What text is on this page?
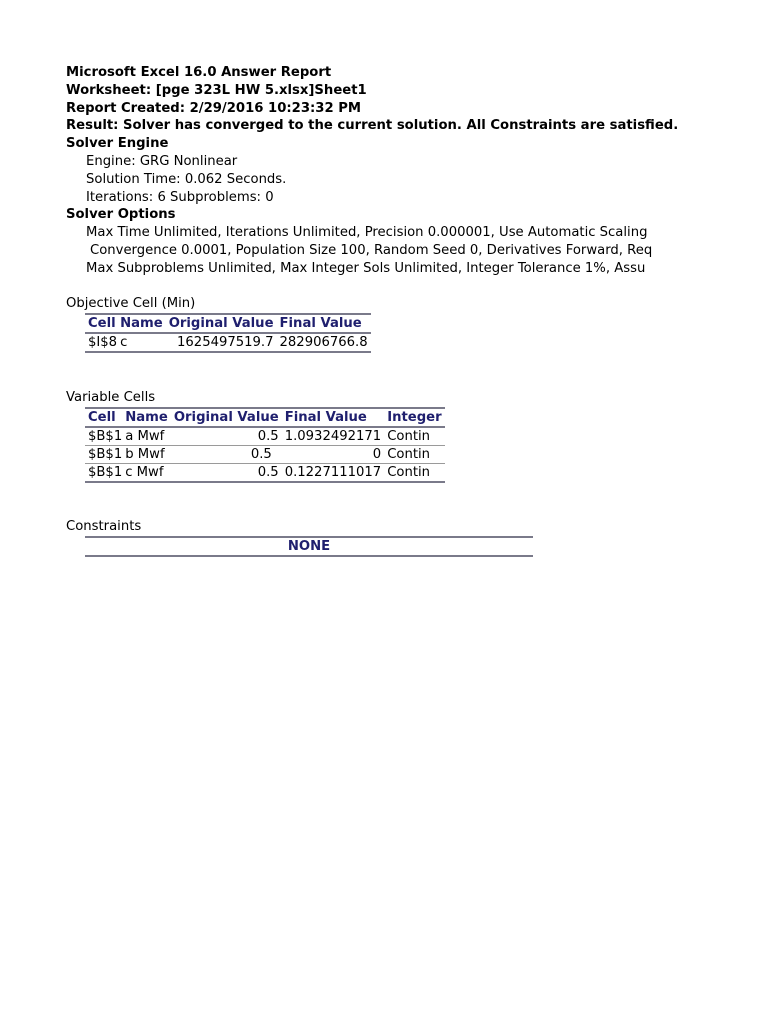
Microsoft Excel 16.0 Answer Report
Worksheet: [pge 323L HW 5.xlsx]Sheet1
Report Created: 2/29/2016 10:23:32 PM
Result: Solver has converged to the current solution. All Constraints are satisfied.
Solver Engine
Engine: GRG Nonlinear
Solution Time: 0.062 Seconds.
Iterations: 6 Subproblems: 0
Solver Options
Max Time Unlimited, Iterations Unlimited, Precision 0.000001, Use Automatic Scaling
Convergence 0.0001, Population Size 100, Random Seed 0, Derivatives Forward, Req
Max Subproblems Unlimited, Max Integer Sols Unlimited, Integer Tolerance 1%, Assu
Objective Cell (Min)
Cell	Name	Original Value	Final Value
$I$8	c	1625497519.7	282906766.8
Variable Cells
Cell	Name	Original Value	Final Value	Integer
$B$1	a Mwf	0.5	1.0932492171	Contin
$B$1	b Mwf	0.5	0	Contin
$B$1	c Mwf	0.5	0.1227111017	Contin
Constraints
NONE
